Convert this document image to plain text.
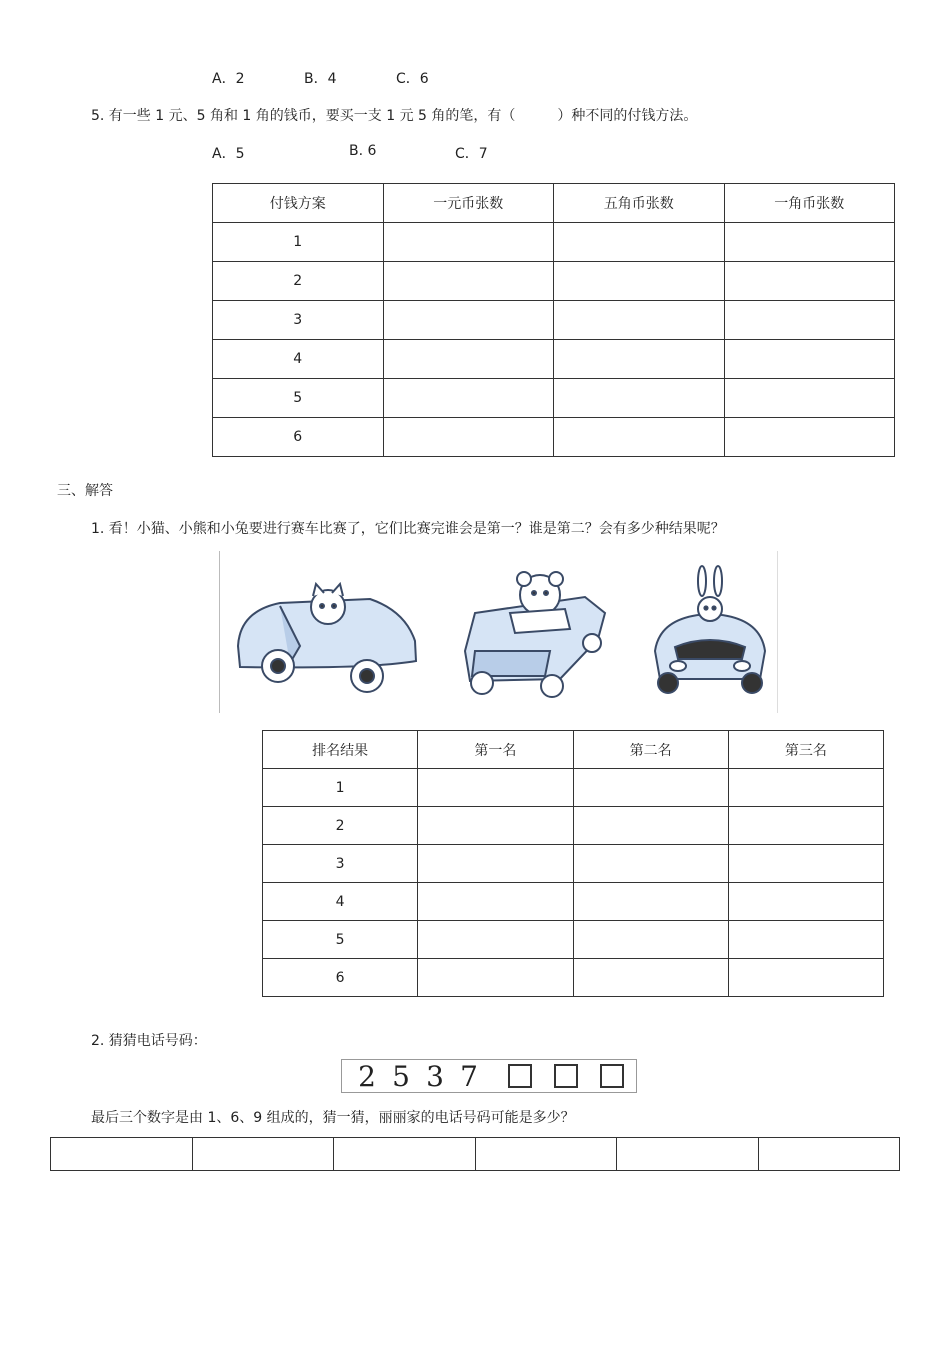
A．2	B．4	C．6
5. 有一些 1 元、5 角和 1 角的钱币，要买一支 1 元 5 角的笔，有（　　　）种不同的付钱方法。
A．5	B. 6	C．7
付钱方案	一元币张数	五角币张数	一角币张数
1			
2			
3			
4			
5			
6			
三、解答
1. 看！小猫、小熊和小兔要进行赛车比赛了，它们比赛完谁会是第一？谁是第二？会有多少种结果呢？
排名结果	第一名	第二名	第三名
1			
2			
3			
4			
5			
6			
2. 猜猜电话号码：
2 5 3 7
最后三个数字是由 1、6、9 组成的，猜一猜，丽丽家的电话号码可能是多少？
